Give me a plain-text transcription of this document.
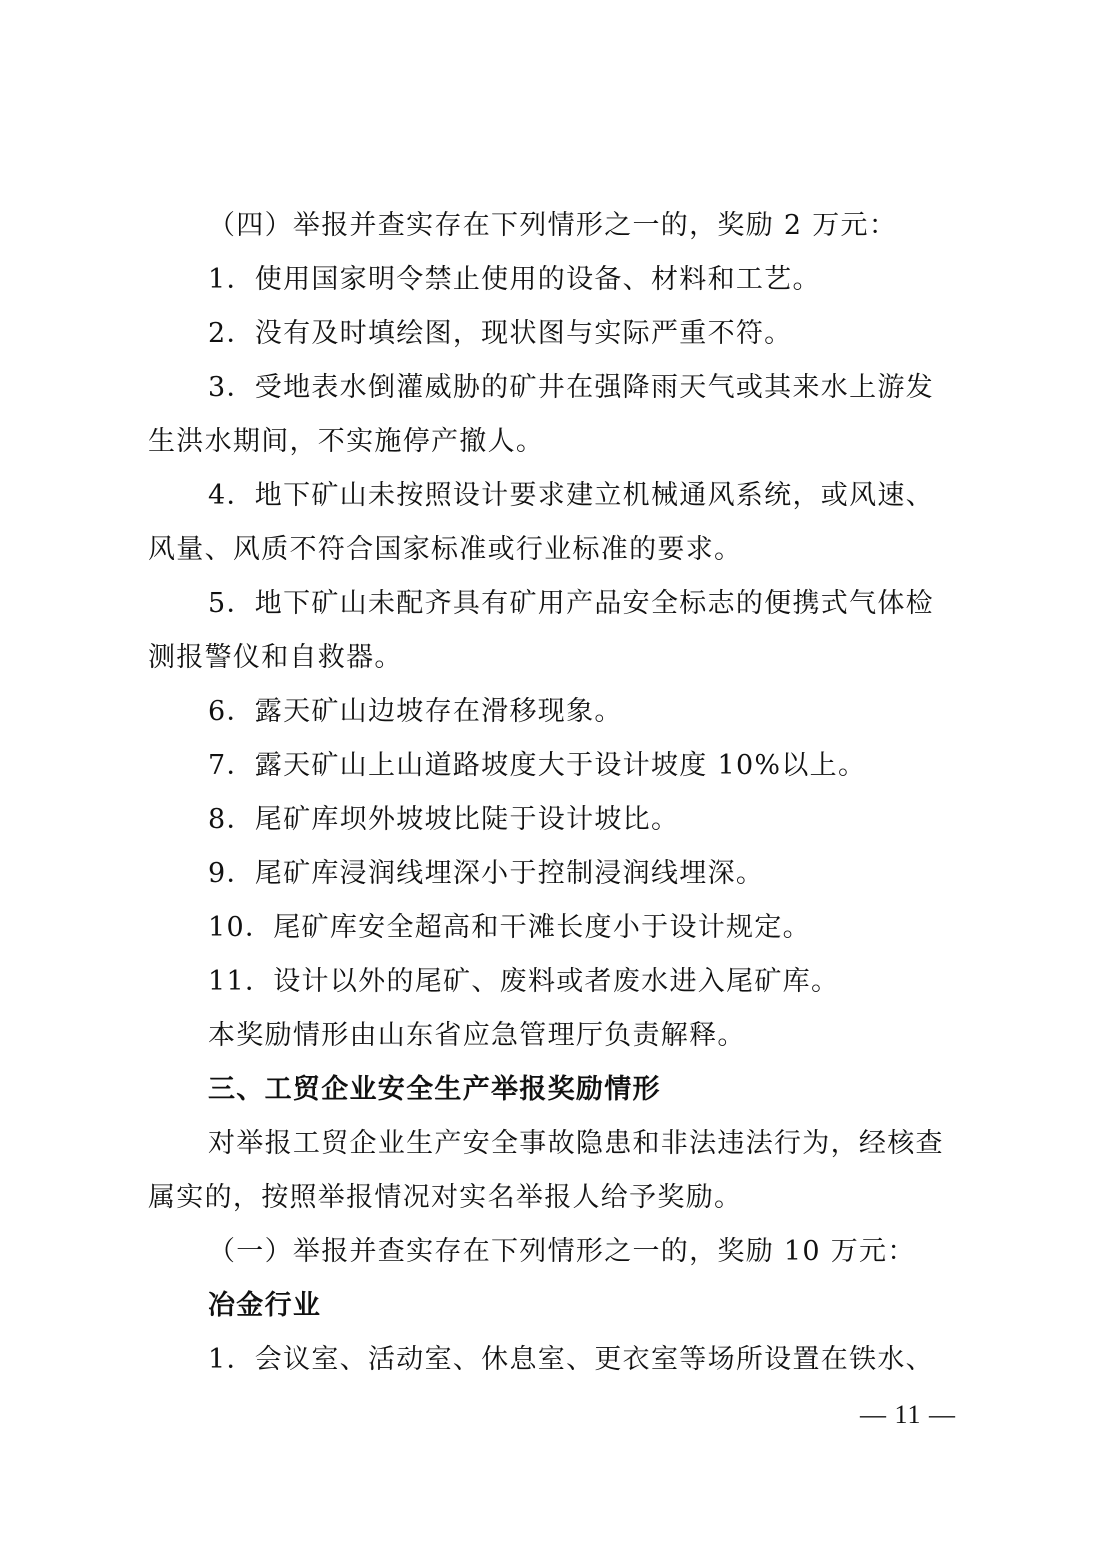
（四）举报并查实存在下列情形之一的，奖励 2 万元：
1．使用国家明令禁止使用的设备、材料和工艺。
2．没有及时填绘图，现状图与实际严重不符。
3．受地表水倒灌威胁的矿井在强降雨天气或其来水上游发
生洪水期间，不实施停产撤人。
4．地下矿山未按照设计要求建立机械通风系统，或风速、
风量、风质不符合国家标准或行业标准的要求。
5．地下矿山未配齐具有矿用产品安全标志的便携式气体检
测报警仪和自救器。
6．露天矿山边坡存在滑移现象。
7．露天矿山上山道路坡度大于设计坡度 10%以上。
8．尾矿库坝外坡坡比陡于设计坡比。
9．尾矿库浸润线埋深小于控制浸润线埋深。
10．尾矿库安全超高和干滩长度小于设计规定。
11．设计以外的尾矿、废料或者废水进入尾矿库。
本奖励情形由山东省应急管理厅负责解释。
三、工贸企业安全生产举报奖励情形
对举报工贸企业生产安全事故隐患和非法违法行为，经核查
属实的，按照举报情况对实名举报人给予奖励。
（一）举报并查实存在下列情形之一的，奖励 10 万元：
冶金行业
1．会议室、活动室、休息室、更衣室等场所设置在铁水、
— 11 —
